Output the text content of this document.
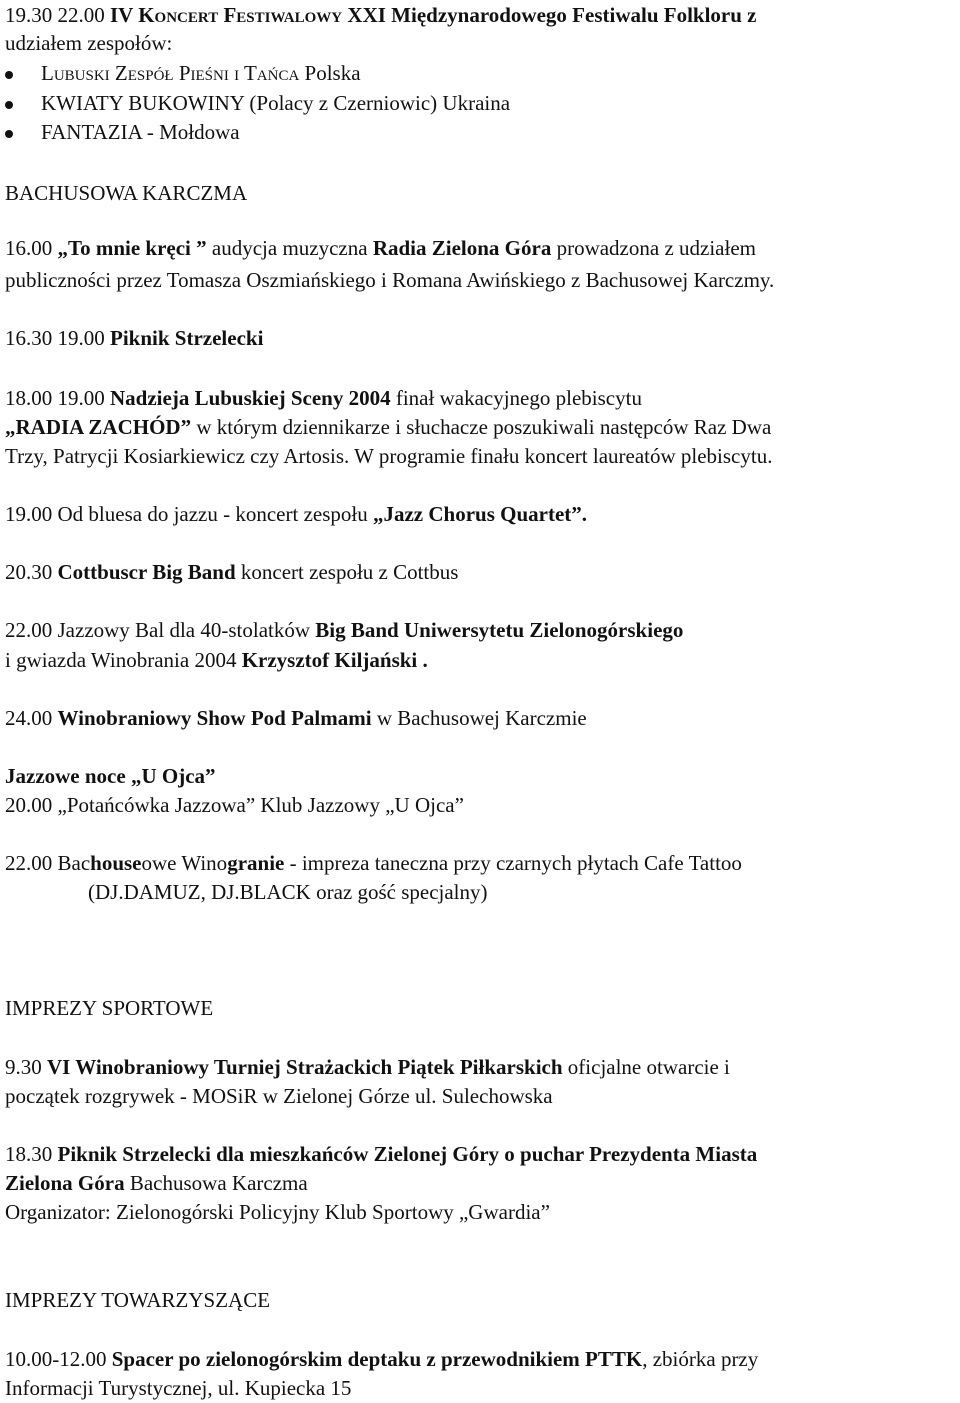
19.30 22.00 IV Koncert Festiwalowy XXI Międzynarodowego Festiwalu Folkloru z
udziałem zespołów:
Lubuski Zespół Pieśni i Tańca Polska
KWIATY BUKOWINY (Polacy z Czerniowic) Ukraina
FANTAZIA - Mołdowa
BACHUSOWA KARCZMA
16.00 „To mnie kręci ” audycja muzyczna Radia Zielona Góra prowadzona z udziałem
publiczności przez Tomasza Oszmiańskiego i Romana Awińskiego z Bachusowej Karczmy.
16.30 19.00 Piknik Strzelecki
18.00 19.00 Nadzieja Lubuskiej Sceny 2004 finał wakacyjnego plebiscytu
„RADIA ZACHÓD” w którym dziennikarze i słuchacze poszukiwali następców Raz Dwa
Trzy, Patrycji Kosiarkiewicz czy Artosis. W programie finału koncert laureatów plebiscytu.
19.00 Od bluesa do jazzu - koncert zespołu „Jazz Chorus Quartet”.
20.30 Cottbuscr Big Band koncert zespołu z Cottbus
22.00 Jazzowy Bal dla 40-stolatków Big Band Uniwersytetu Zielonogórskiego
i gwiazda Winobrania 2004 Krzysztof Kiljański .
24.00 Winobraniowy Show Pod Palmami w Bachusowej Karczmie
Jazzowe noce „U Ojca”
20.00 „Potańcówka Jazzowa” Klub Jazzowy „U Ojca”
22.00 Bachouseowe Winogranie - impreza taneczna przy czarnych płytach Cafe Tattoo
(DJ.DAMUZ, DJ.BLACK oraz gość specjalny)
IMPREZY SPORTOWE
9.30 VI Winobraniowy Turniej Strażackich Piątek Piłkarskich oficjalne otwarcie i
początek rozgrywek - MOSiR w Zielonej Górze ul. Sulechowska
18.30 Piknik Strzelecki dla mieszkańców Zielonej Góry o puchar Prezydenta Miasta
Zielona Góra Bachusowa Karczma
Organizator: Zielonogórski Policyjny Klub Sportowy „Gwardia”
IMPREZY TOWARZYSZĄCE
10.00-12.00 Spacer po zielonogórskim deptaku z przewodnikiem PTTK, zbiórka przy
Informacji Turystycznej, ul. Kupiecka 15
